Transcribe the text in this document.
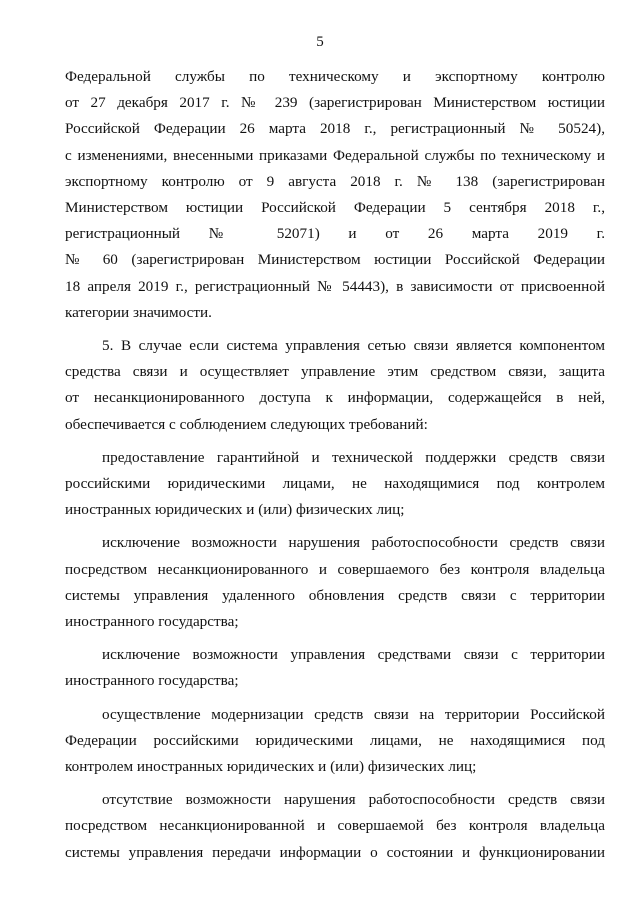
5

Федеральной службы по техническому и экспортному контролю
от 27 декабря 2017 г. № 239 (зарегистрирован Министерством юстиции
Российской Федерации 26 марта 2018 г., регистрационный № 50524),
с изменениями, внесенными приказами Федеральной службы по техническому и
экспортному контролю от 9 августа 2018 г. № 138 (зарегистрирован
Министерством юстиции Российской Федерации 5 сентября 2018 г.,
регистрационный № 52071) и от 26 марта 2019 г.
№ 60 (зарегистрирован Министерством юстиции Российской Федерации
18 апреля 2019 г., регистрационный № 54443), в зависимости от присвоенной
категории значимости.

5. В случае если система управления сетью связи является компонентом
средства связи и осуществляет управление этим средством связи, защита
от несанкционированного доступа к информации, содержащейся в ней,
обеспечивается с соблюдением следующих требований:

предоставление гарантийной и технической поддержки средств связи
российскими юридическими лицами, не находящимися под контролем
иностранных юридических и (или) физических лиц;

исключение возможности нарушения работоспособности средств связи
посредством несанкционированного и совершаемого без контроля владельца
системы управления удаленного обновления средств связи с территории
иностранного государства;

исключение возможности управления средствами связи с территории
иностранного государства;

осуществление модернизации средств связи на территории Российской
Федерации российскими юридическими лицами, не находящимися под
контролем иностранных юридических и (или) физических лиц;

отсутствие возможности нарушения работоспособности средств связи
посредством несанкционированной и совершаемой без контроля владельца
системы управления передачи информации о состоянии и функционировании
